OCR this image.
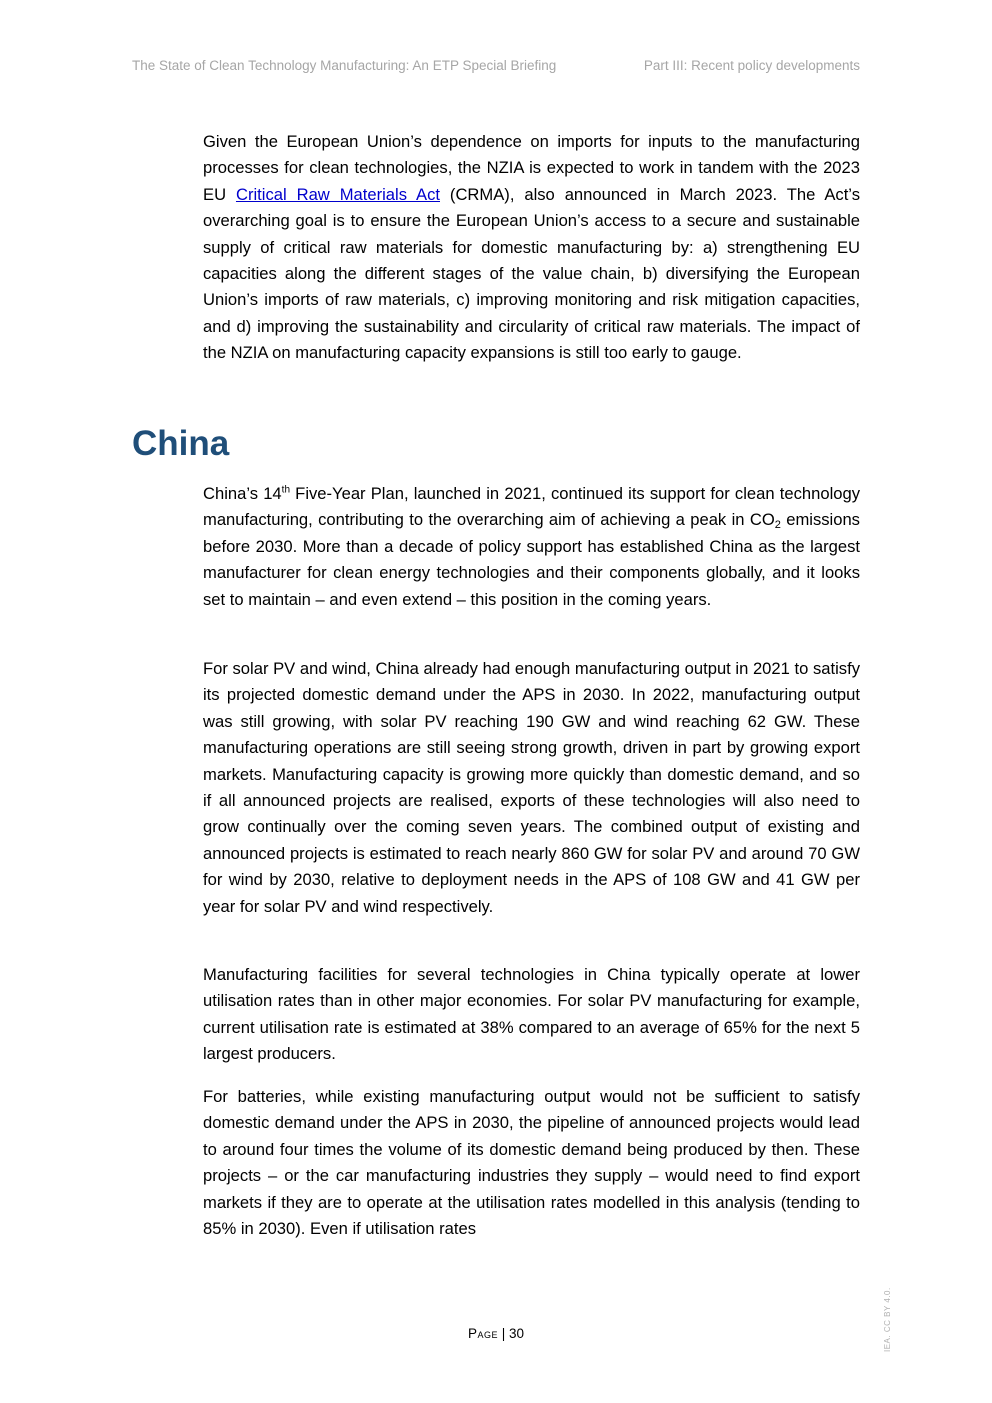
The State of Clean Technology Manufacturing: An ETP Special Briefing	Part III: Recent policy developments

Given the European Union’s dependence on imports for inputs to the manufacturing processes for clean technologies, the NZIA is expected to work in tandem with the 2023 EU Critical Raw Materials Act (CRMA), also announced in March 2023. The Act’s overarching goal is to ensure the European Union’s access to a secure and sustainable supply of critical raw materials for domestic manufacturing by: a) strengthening EU capacities along the different stages of the value chain, b) diversifying the European Union’s imports of raw materials, c) improving monitoring and risk mitigation capacities, and d) improving the sustainability and circularity of critical raw materials. The impact of the NZIA on manufacturing capacity expansions is still too early to gauge.

China

China’s 14th Five-Year Plan, launched in 2021, continued its support for clean technology manufacturing, contributing to the overarching aim of achieving a peak in $CO_2$ emissions before 2030. More than a decade of policy support has established China as the largest manufacturer for clean energy technologies and their components globally, and it looks set to maintain – and even extend – this position in the coming years.

For solar PV and wind, China already had enough manufacturing output in 2021 to satisfy its projected domestic demand under the APS in 2030. In 2022, manufacturing output was still growing, with solar PV reaching 190 GW and wind reaching 62 GW. These manufacturing operations are still seeing strong growth, driven in part by growing export markets. Manufacturing capacity is growing more quickly than domestic demand, and so if all announced projects are realised, exports of these technologies will also need to grow continually over the coming seven years. The combined output of existing and announced projects is estimated to reach nearly 860 GW for solar PV and around 70 GW for wind by 2030, relative to deployment needs in the APS of 108 GW and 41 GW per year for solar PV and wind respectively.

Manufacturing facilities for several technologies in China typically operate at lower utilisation rates than in other major economies. For solar PV manufacturing for example, current utilisation rate is estimated at 38% compared to an average of 65% for the next 5 largest producers.

For batteries, while existing manufacturing output would not be sufficient to satisfy domestic demand under the APS in 2030, the pipeline of announced projects would lead to around four times the volume of its domestic demand being produced by then. These projects – or the car manufacturing industries they supply – would need to find export markets if they are to operate at the utilisation rates modelled in this analysis (tending to 85% in 2030). Even if utilisation rates

Page | 30	IEA. CC BY 4.0.
